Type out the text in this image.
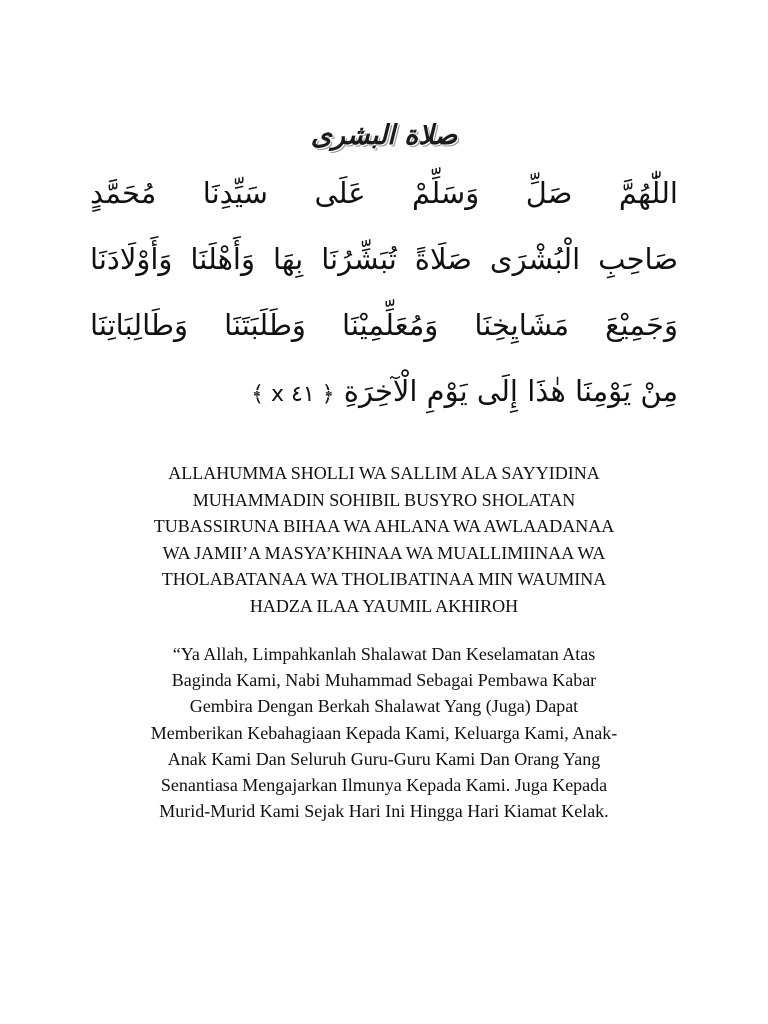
صلاة البشرى
اللّٰهُمَّ صَلِّ وَسَلِّمْ عَلَى سَيِّدِنَا مُحَمَّدٍ
صَاحِبِ الْبُشْرَى صَلَاةً تُبَشِّرُنَا بِهَا وَأَهْلَنَا وَأَوْلَادَنَا
وَجَمِيْعَ مَشَايِخِنَا وَمُعَلِّمِيْنَا وَطَلَبَتَنَا وَطَالِبَاتِنَا
مِنْ يَوْمِنَا هٰذَا إِلَى يَوْمِ الْآخِرَةِ ﴿ ٤١ x ﴾
ALLAHUMMA SHOLLI WA SALLIM ALA SAYYIDINA
MUHAMMADIN SOHIBIL BUSYRO SHOLATAN
TUBASSIRUNA BIHAA WA AHLANA WA AWLAADANAA
WA JAMII’A MASYA’KHINAA WA MUALLIMIINAA WA
THOLABATANAA WA THOLIBATINAA MIN WAUMINA
HADZA ILAA YAUMIL AKHIROH
“Ya Allah, Limpahkanlah Shalawat Dan Keselamatan Atas
Baginda Kami, Nabi Muhammad Sebagai Pembawa Kabar
Gembira Dengan Berkah Shalawat Yang (Juga) Dapat
Memberikan Kebahagiaan Kepada Kami, Keluarga Kami, Anak-
Anak Kami Dan Seluruh Guru-Guru Kami Dan Orang Yang
Senantiasa Mengajarkan Ilmunya Kepada Kami. Juga Kepada
Murid-Murid Kami Sejak Hari Ini Hingga Hari Kiamat Kelak.
